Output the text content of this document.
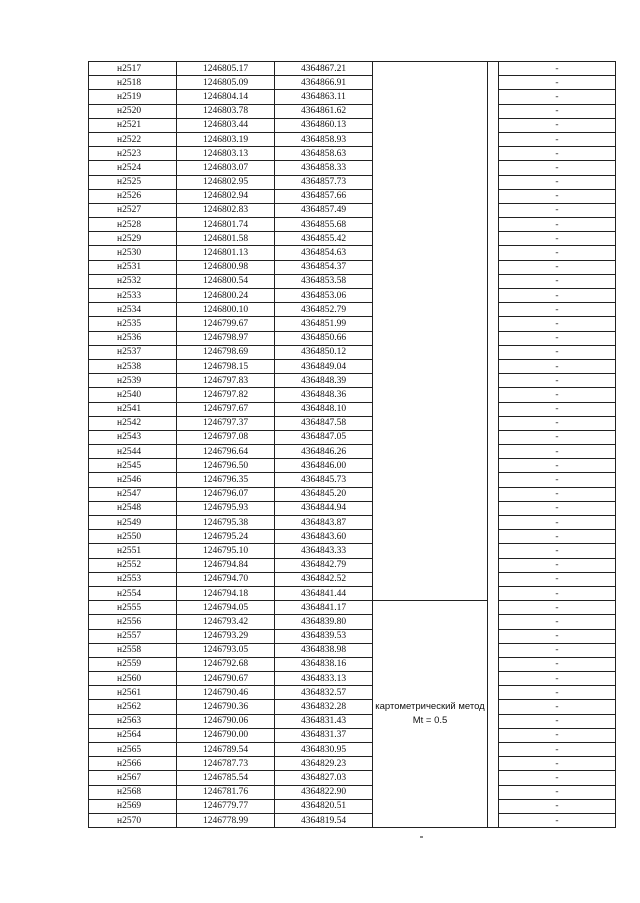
н2517	1246805.17	4364867.21			-
н2518	1246805.09	4364866.91			-
н2519	1246804.14	4364863.11			-
н2520	1246803.78	4364861.62			-
н2521	1246803.44	4364860.13			-
н2522	1246803.19	4364858.93			-
н2523	1246803.13	4364858.63			-
н2524	1246803.07	4364858.33			-
н2525	1246802.95	4364857.73			-
н2526	1246802.94	4364857.66			-
н2527	1246802.83	4364857.49			-
н2528	1246801.74	4364855.68			-
н2529	1246801.58	4364855.42			-
н2530	1246801.13	4364854.63			-
н2531	1246800.98	4364854.37			-
н2532	1246800.54	4364853.58			-
н2533	1246800.24	4364853.06			-
н2534	1246800.10	4364852.79			-
н2535	1246799.67	4364851.99			-
н2536	1246798.97	4364850.66			-
н2537	1246798.69	4364850.12			-
н2538	1246798.15	4364849.04			-
н2539	1246797.83	4364848.39			-
н2540	1246797.82	4364848.36			-
н2541	1246797.67	4364848.10			-
н2542	1246797.37	4364847.58			-
н2543	1246797.08	4364847.05			-
н2544	1246796.64	4364846.26			-
н2545	1246796.50	4364846.00			-
н2546	1246796.35	4364845.73			-
н2547	1246796.07	4364845.20			-
н2548	1246795.93	4364844.94			-
н2549	1246795.38	4364843.87			-
н2550	1246795.24	4364843.60			-
н2551	1246795.10	4364843.33			-
н2552	1246794.84	4364842.79			-
н2553	1246794.70	4364842.52			-
н2554	1246794.18	4364841.44			-
н2555	1246794.05	4364841.17	картометрический метод Mt = 0.5		-
н2556	1246793.42	4364839.80			-
н2557	1246793.29	4364839.53			-
н2558	1246793.05	4364838.98			-
н2559	1246792.68	4364838.16			-
н2560	1246790.67	4364833.13			-
н2561	1246790.46	4364832.57			-
н2562	1246790.36	4364832.28			-
н2563	1246790.06	4364831.43			-
н2564	1246790.00	4364831.37			-
н2565	1246789.54	4364830.95			-
н2566	1246787.73	4364829.23			-
н2567	1246785.54	4364827.03			-
н2568	1246781.76	4364822.90			-
н2569	1246779.77	4364820.51			-
н2570	1246778.99	4364819.54			-
